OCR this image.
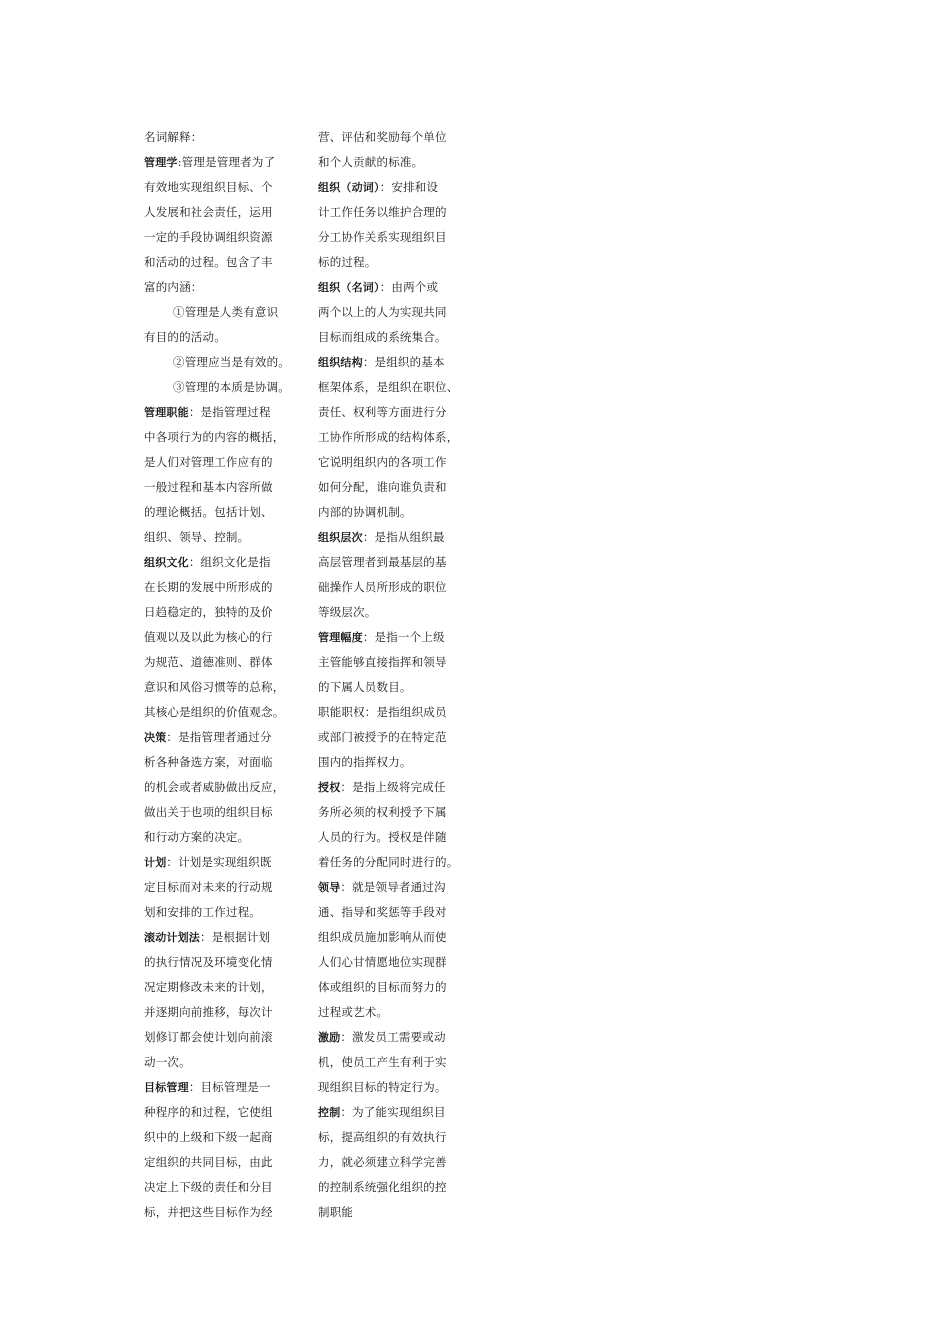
名词解释：
管理学:管理是管理者为了
有效地实现组织目标、个
人发展和社会责任，运用
一定的手段协调组织资源
和活动的过程。包含了丰
富的内涵：
①管理是人类有意识
有目的的活动。
②管理应当是有效的。
③管理的本质是协调。
管理职能：是指管理过程
中各项行为的内容的概括，
是人们对管理工作应有的
一般过程和基本内容所做
的理论概括。包括计划、
组织、领导、控制。
组织文化：组织文化是指
在长期的发展中所形成的
日趋稳定的，独特的及价
值观以及以此为核心的行
为规范、道德准则、群体
意识和风俗习惯等的总称，
其核心是组织的价值观念。
决策：是指管理者通过分
析各种备选方案，对面临
的机会或者威胁做出反应，
做出关于也项的组织目标
和行动方案的决定。
计划：计划是实现组织既
定目标而对未来的行动规
划和安排的工作过程。
滚动计划法：是根据计划
的执行情况及环境变化情
况定期修改未来的计划，
并逐期向前推移，每次计
划修订都会使计划向前滚
动一次。
目标管理：目标管理是一
种程序的和过程，它使组
织中的上级和下级一起商
定组织的共同目标，由此
决定上下级的责任和分目
标，并把这些目标作为经
营、评估和奖励每个单位
和个人贡献的标准。
组织（动词）：安排和设
计工作任务以维护合理的
分工协作关系实现组织目
标的过程。
组织（名词）：由两个或
两个以上的人为实现共同
目标而组成的系统集合。
组织结构：是组织的基本
框架体系，是组织在职位、
责任、权利等方面进行分
工协作所形成的结构体系，
它说明组织内的各项工作
如何分配，谁向谁负责和
内部的协调机制。
组织层次：是指从组织最
高层管理者到最基层的基
础操作人员所形成的职位
等级层次。
管理幅度：是指一个上级
主管能够直接指挥和领导
的下属人员数目。
职能职权：是指组织成员
或部门被授予的在特定范
围内的指挥权力。
授权：是指上级将完成任
务所必须的权利授予下属
人员的行为。授权是伴随
着任务的分配同时进行的。
领导：就是领导者通过沟
通、指导和奖惩等手段对
组织成员施加影响从而使
人们心甘情愿地位实现群
体或组织的目标而努力的
过程或艺术。
激励：激发员工需要或动
机，使员工产生有利于实
现组织目标的特定行为。
控制：为了能实现组织目
标，提高组织的有效执行
力，就必须建立科学完善
的控制系统强化组织的控
制职能
